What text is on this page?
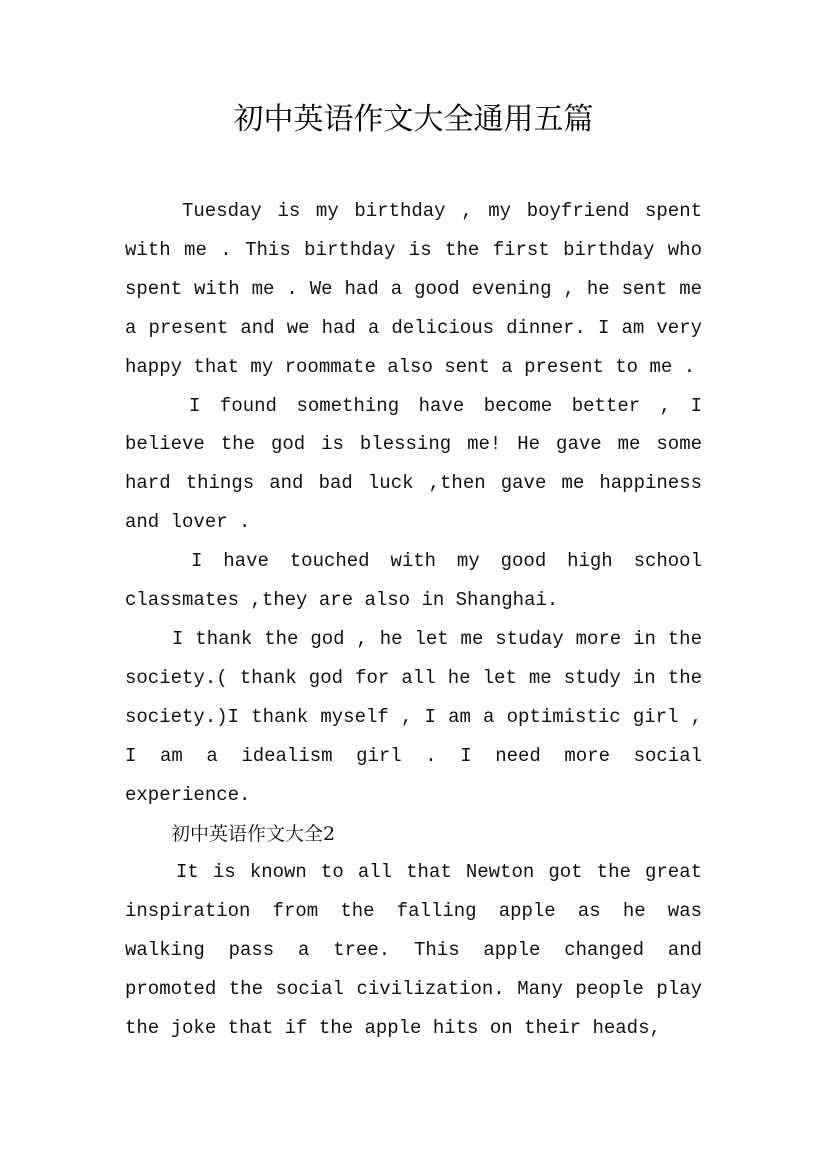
初中英语作文大全通用五篇

Tuesday is my birthday , my boyfriend spent with me . This birthday is the first birthday who spent with me . We had a good evening , he sent me a present and we had a delicious dinner. I am very happy that my roommate also sent a present to me .

I found something have become better , I believe the god is blessing me! He gave me some hard things and bad luck ,then gave me happiness and lover .

I have touched with my good high school classmates ,they are also in Shanghai.

I thank the god , he let me studay more in the society.( thank god for all he let me study in the society.)I thank myself , I am a optimistic girl , I am a idealism girl . I need more social experience.

初中英语作文大全2

It is known to all that Newton got the great inspiration from the falling apple as he was walking pass a tree. This apple changed and promoted the social civilization. Many people play the joke that if the apple hits on their heads,
